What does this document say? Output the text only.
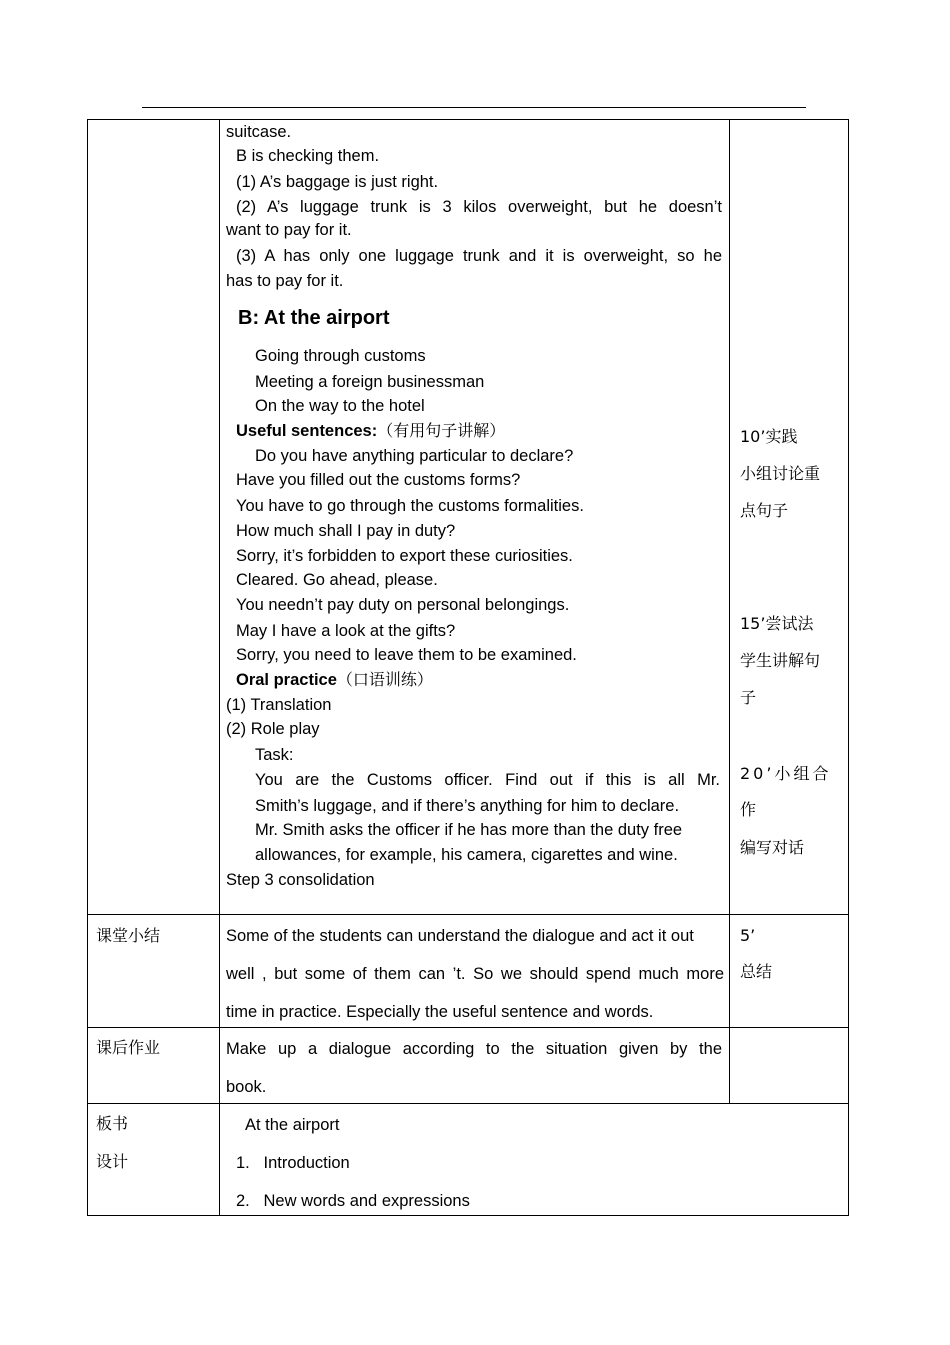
suitcase.
B is checking them.
(1) A’s baggage is just right.
(2) A’s luggage trunk is 3 kilos overweight, but he doesn’t
want to pay for it.
(3) A has only one luggage trunk and it is overweight, so he
has to pay for it.
B: At the airport
Going through customs
Meeting a foreign businessman
On the way to the hotel
Useful sentences:（有用句子讲解）
Do you have anything particular to declare?
Have you filled out the customs forms?
You have to go through the customs formalities.
How much shall I pay in duty?
Sorry, it’s forbidden to export these curiosities.
Cleared. Go ahead, please.
You needn’t pay duty on personal belongings.
May I have a look at the gifts?
Sorry, you need to leave them to be examined.
Oral practice（口语训练）
(1) Translation
(2) Role play
Task:
You are the Customs officer. Find out if this is all Mr.
Smith’s luggage, and if there’s anything for him to declare.
Mr. Smith asks the officer if he has more than the duty free
allowances, for example, his camera, cigarettes and wine.
Step 3 consolidation
10’实践
小组讨论重
点句子
15’尝试法
学生讲解句
子
20’小组合
作
编写对话
课堂小结	Some of the students can understand the dialogue and act it out
well , but some of them can ’t. So we should spend much more
time in practice. Especially the useful sentence and words.
5’
总结
课后作业	Make up a dialogue according to the situation given by the
book.
板书
设计
At the airport
1.   Introduction
2.   New words and expressions
